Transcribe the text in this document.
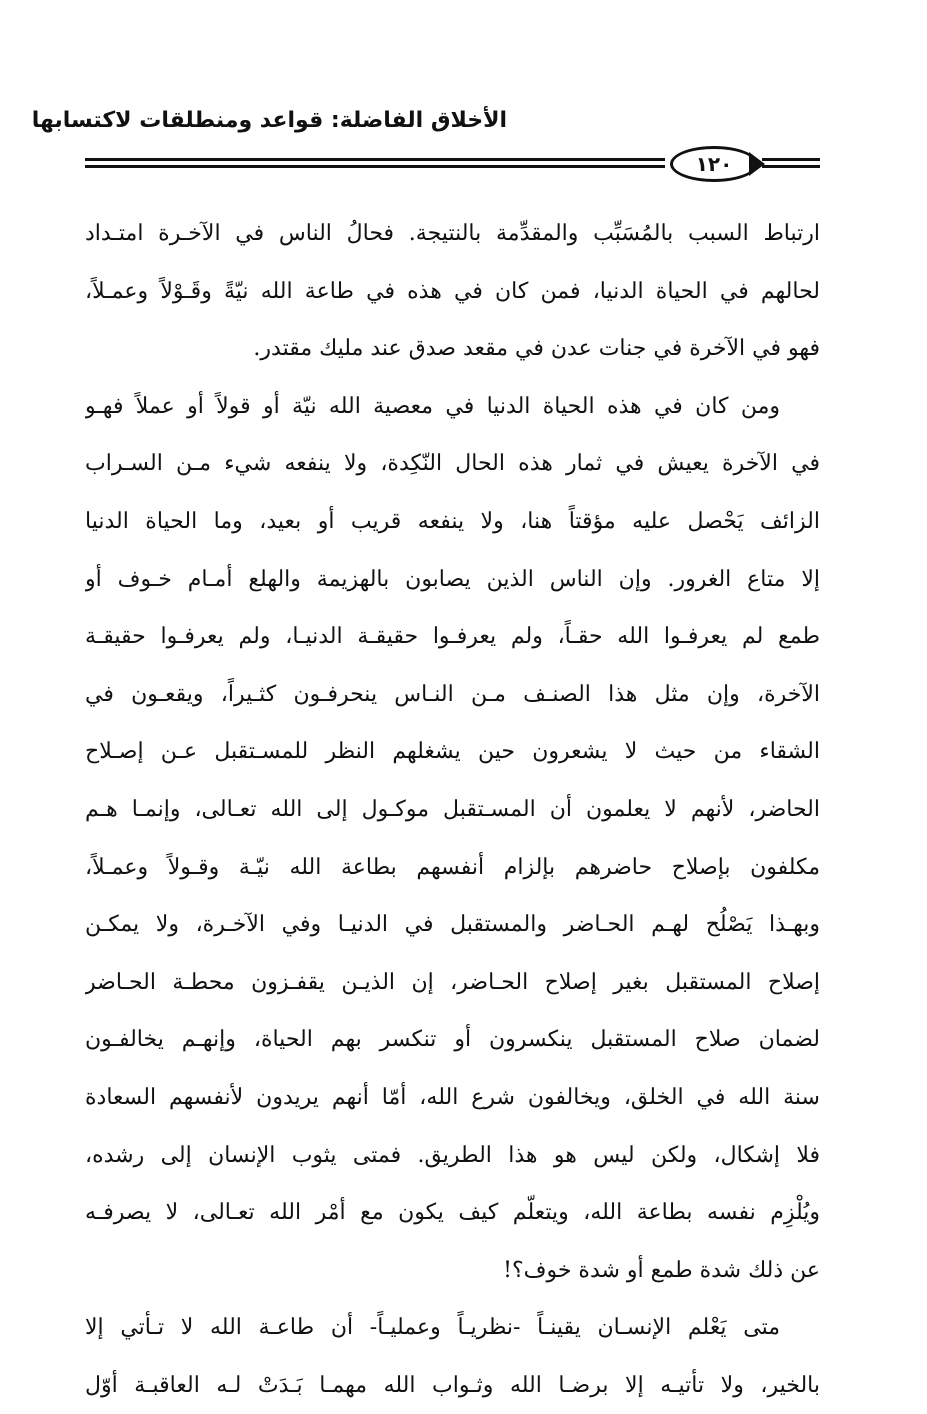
الأخلاق الفاضلة: قواعد ومنطلقات لاكتسابها
١٢٠
ارتباط السبب بالمُسَبِّب والمقدِّمة بالنتيجة. فحالُ الناس في الآخـرة امتـداد
لحالهم في الحياة الدنيا، فمن كان في هذه في طاعة الله نيّةً وقَـوْلاً وعمـلاً،
فهو في الآخرة في جنات عدن في مقعد صدق عند مليك مقتدر.
ومن كان في هذه الحياة الدنيا في معصية الله نيّة أو قولاً أو عملاً فهـو
في الآخرة يعيش في ثمار هذه الحال النّكِدة، ولا ينفعه شيء مـن السـراب
الزائف يَحْصل عليه مؤقتاً هنا، ولا ينفعه قريب أو بعيد، وما الحياة الدنيا
إلا متاع الغرور. وإن الناس الذين يصابون بالهزيمة والهلع أمـام خـوف أو
طمع لم يعرفـوا الله حقـاً، ولم يعرفـوا حقيقـة الدنيـا، ولم يعرفـوا حقيقـة
الآخرة، وإن مثل هذا الصنـف مـن النـاس ينحرفـون كثـيراً، ويقعـون في
الشقاء من حيث لا يشعرون حين يشغلهم النظر للمسـتقبل عـن إصـلاح
الحاضر، لأنهم لا يعلمون أن المسـتقبل موكـول إلى الله تعـالى، وإنمـا هـم
مكلفون بإصلاح حاضرهم بإلزام أنفسهم بطاعة الله نيّـة وقـولاً وعمـلاً،
وبهـذا يَصْلُح لهـم الحـاضر والمستقبل في الدنيـا وفي الآخـرة، ولا يمكـن
إصلاح المستقبل بغير إصلاح الحـاضر، إن الذيـن يقفـزون محطـة الحـاضر
لضمان صلاح المستقبل ينكسرون أو تنكسر بهم الحياة، وإنهـم يخالفـون
سنة الله في الخلق، ويخالفون شرع الله، أمّا أنهم يريدون لأنفسهم السعادة
فلا إشكال، ولكن ليس هو هذا الطريق. فمتى يثوب الإنسان إلى رشده،
ويُلْزِم نفسه بطاعة الله، ويتعلّم كيف يكون مع أمْر الله تعـالى، لا يصرفـه
عن ذلك شدة طمع أو شدة خوف؟!
متى يَعْلم الإنسـان يقينـاً -نظريـاً وعمليـاً- أن طاعـة الله لا تـأتي إلا
بالخير، ولا تأتيـه إلا برضـا الله وثـواب الله مهمـا بَـدَتْ لـه العاقبـة أوّل
